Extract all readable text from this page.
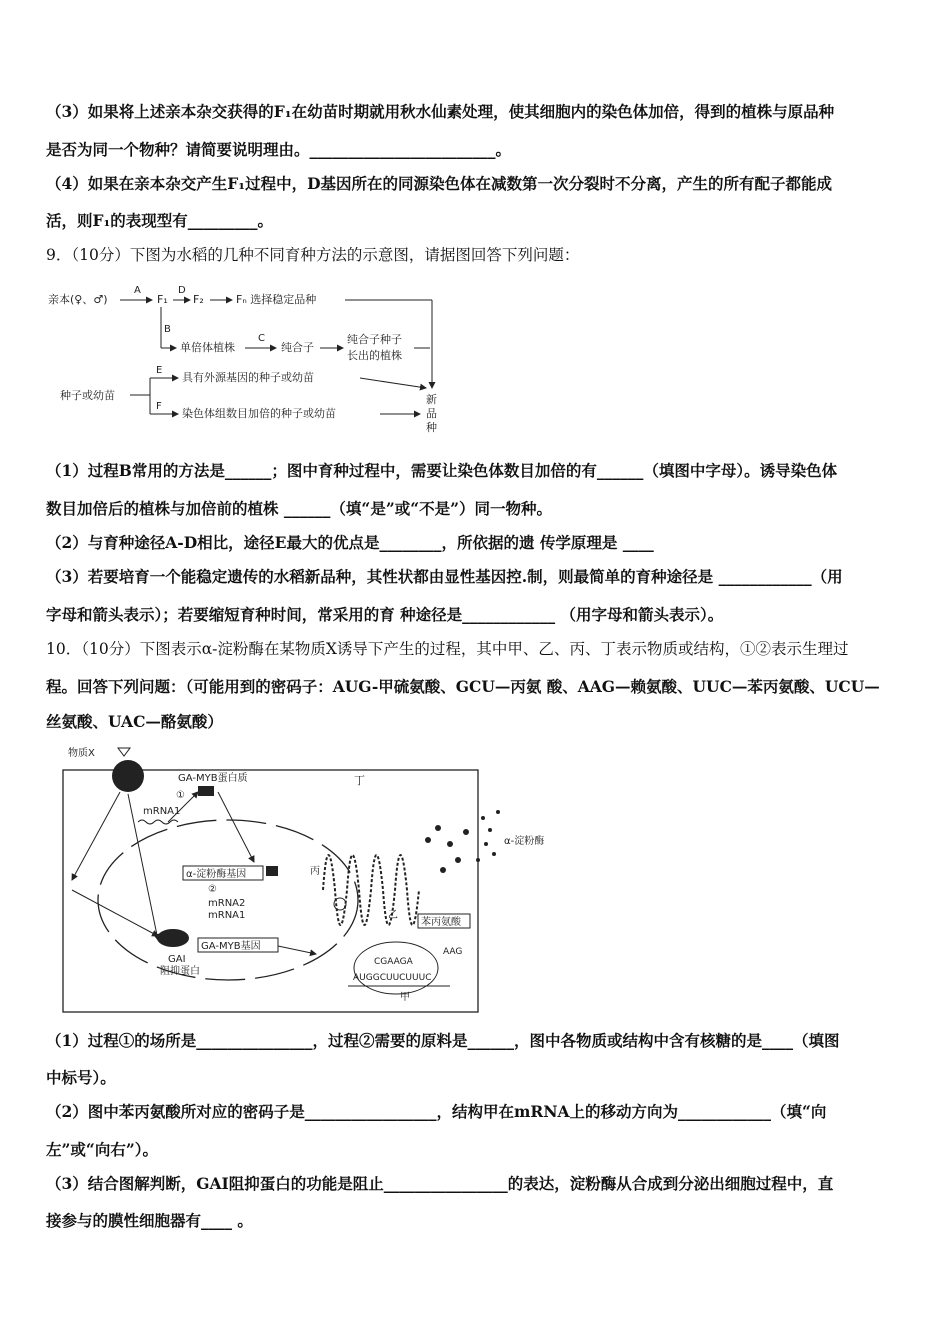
（3）如果将上述亲本杂交获得的F₁在幼苗时期就用秋水仙素处理，使其细胞内的染色体加倍，得到的植株与原品种
是否为同一个物种？请简要说明理由。________________________。
（4）如果在亲本杂交产生F₁过程中，D基因所在的同源染色体在减数第一次分裂时不分离，产生的所有配子都能成
活，则F₁的表现型有_________。
9．（10分）下图为水稻的几种不同育种方法的示意图，请据图回答下列问题：
亲本(♀、♂)
A
F₁
D
F₂	Fₙ 选择稳定品种
B
单倍体植株
C
纯合子
纯合子种子
长出的植株
种子或幼苗
E
具有外源基因的种子或幼苗
F
染色体组数目加倍的种子或幼苗
新
品
种
（1）过程B常用的方法是______；图中育种过程中，需要让染色体数目加倍的有______（填图中字母）。诱导染色体
数目加倍后的植株与加倍前的植株 ______（填“是”或“不是”）同一物种。
（2）与育种途径A-D相比，途径E最大的优点是________，所依据的遗 传学原理是 ____
（3）若要培育一个能稳定遗传的水稻新品种，其性状都由显性基因控.制，则最简单的育种途径是 ____________（用
字母和箭头表示）；若要缩短育种时间，常采用的育 种途径是____________ （用字母和箭头表示）。
10．（10分）下图表示α-淀粉酶在某物质X诱导下产生的过程，其中甲、乙、丙、丁表示物质或结构，①②表示生理过
程。回答下列问题：（可能用到的密码子：AUG-甲硫氨酸、GCU—丙氨 酸、AAG—赖氨酸、UUC—苯丙氨酸、UCU—
丝氨酸、UAC—酪氨酸）
物质X
GA-MYB蛋白质
①
mRNA1
丁
α-淀粉酶基因
②
mRNA2
mRNA1
GA-MYB基因
GAI
阻抑蛋白
丙
乙
α-淀粉酶
苯丙氨酸
AAG
CGAAGA
AUGGCUUCUUUC
甲
（1）过程①的场所是_______________，过程②需要的原料是______，图中各物质或结构中含有核糖的是____（填图
中标号）。
（2）图中苯丙氨酸所对应的密码子是_________________，结构甲在mRNA上的移动方向为____________（填“向
左”或“向右”）。
（3）结合图解判断，GAI阻抑蛋白的功能是阻止________________的表达，淀粉酶从合成到分泌出细胞过程中，直
接参与的膜性细胞器有____ 。
